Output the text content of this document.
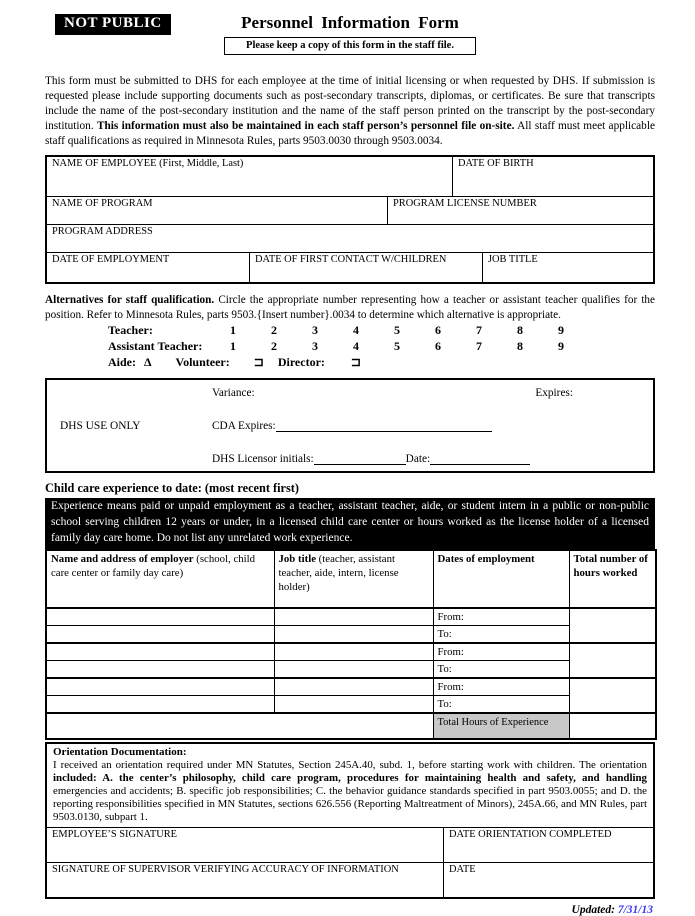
NOT PUBLIC	Personnel Information Form
Please keep a copy of this form in the staff file.

This form must be submitted to DHS for each employee at the time of initial licensing or when requested by DHS. If submission is requested please include supporting documents such as post-secondary transcripts, diplomas, or certificates. Be sure that transcripts include the name of the post-secondary institution and the name of the staff person printed on the transcript by the post-secondary institution. This information must also be maintained in each staff person’s personnel file on-site. All staff must meet applicable staff qualifications as required in Minnesota Rules, parts 9503.0030 through 9503.0034.

NAME OF EMPLOYEE (First, Middle, Last)	DATE OF BIRTH
NAME OF PROGRAM	PROGRAM LICENSE NUMBER
PROGRAM ADDRESS
DATE OF EMPLOYMENT	DATE OF FIRST CONTACT W/CHILDREN	JOB TITLE
Alternatives for staff qualification. Circle the appropriate number representing how a teacher or assistant teacher qualifies for the position. Refer to Minnesota Rules, parts 9503.{Insert number}.0034 to determine which alternative is appropriate.
Teacher:	1	2	3	4	5	6	7	8	9
Assistant Teacher:	1	2	3	4	5	6	7	8	9
Aide: Δ Volunteer: ⊐ Director: ⊐
DHS USE ONLY
Variance:	Expires:
CDA Expires:
DHS Licensor initials:	Date:
Child care experience to date: (most recent first)
Experience means paid or unpaid employment as a teacher, assistant teacher, aide, or student intern in a public or non-public school serving children 12 years or under, in a licensed child care center or hours worked as the license holder of a licensed family day care home. Do not list any unrelated work experience.
Name and address of employer (school, child care center or family day care)	Job title (teacher, assistant teacher, aide, intern, license holder)	Dates of employment	Total number of hours worked
		From:	
		To:	
		From:	
		To:	
		From:	
		To:	
		Total Hours of Experience	
Orientation Documentation:
I received an orientation required under MN Statutes, Section 245A.40, subd. 1, before starting work with children. The orientation included: A. the center’s philosophy, child care program, procedures for maintaining health and safety, and handling emergencies and accidents; B. specific job responsibilities; C. the behavior guidance standards specified in part 9503.0055; and D. the reporting responsibilities specified in MN Statutes, sections 626.556 (Reporting Maltreatment of Minors), 245A.66, and MN Rules, part 9503.0130, subpart 1.
EMPLOYEE’S SIGNATURE	DATE ORIENTATION COMPLETED
SIGNATURE OF SUPERVISOR VERIFYING ACCURACY OF INFORMATION	DATE
Updated: 7/31/13
